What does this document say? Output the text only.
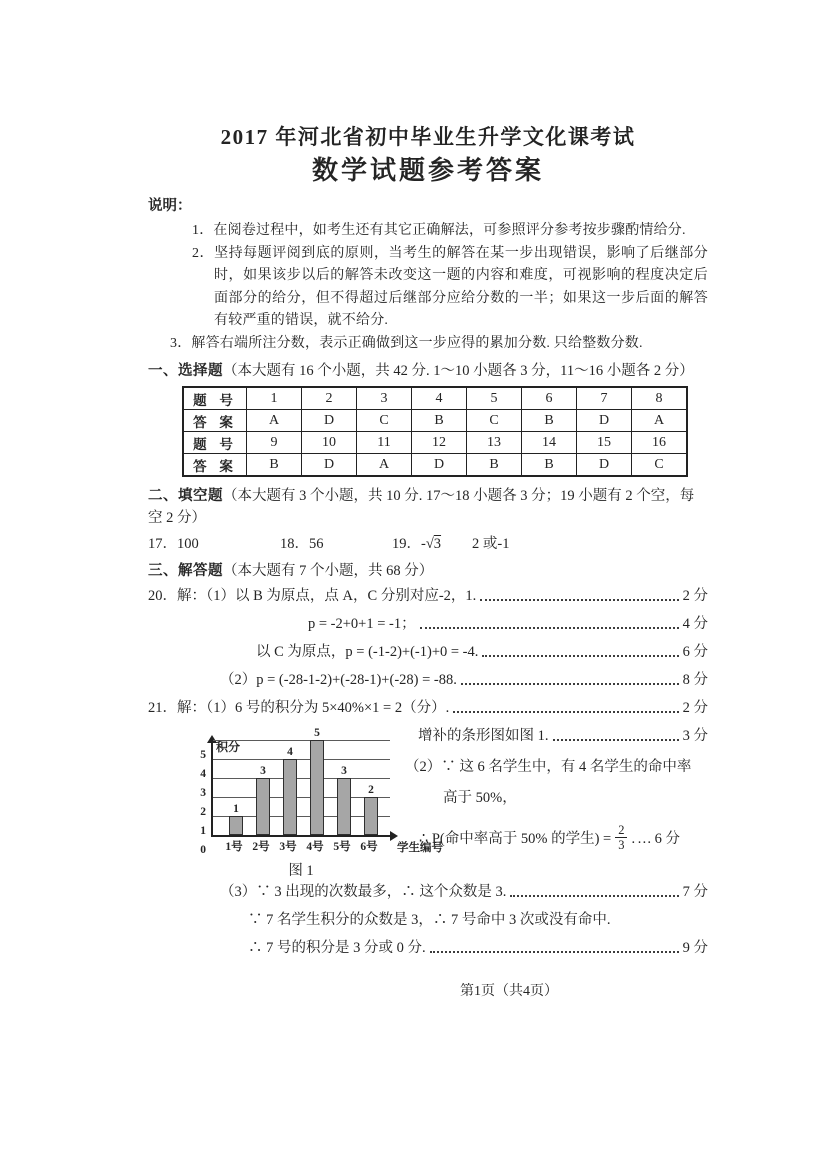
2017 年河北省初中毕业生升学文化课考试
数学试题参考答案
说明：
1．在阅卷过程中，如考生还有其它正确解法，可参照评分参考按步骤酌情给分.
2．坚持每题评阅到底的原则，当考生的解答在某一步出现错误，影响了后继部分时，如果该步以后的解答未改变这一题的内容和难度，可视影响的程度决定后面部分的给分，但不得超过后继部分应给分数的一半；如果这一步后面的解答有较严重的错误，就不给分.
3．解答右端所注分数，表示正确做到这一步应得的累加分数. 只给整数分数.
一、选择题（本大题有 16 个小题，共 42 分. 1～10 小题各 3 分，11～16 小题各 2 分）
题 号	1	2	3	4	5	6	7	8
答 案	A	D	C	B	C	B	D	A
题 号	9	10	11	12	13	14	15	16
答 案	B	D	A	D	B	B	D	C
二、填空题（本大题有 3 个小题，共 10 分. 17～18 小题各 3 分；19 小题有 2 个空，每空 2 分）
17．100	18．56	19．-√3	2 或-1
三、解答题（本大题有 7 个小题，共 68 分）
20．解：（1）以 B 为原点，点 A，C 分别对应-2，1.	2 分
p = -2+0+1 = -1；	4 分
以 C 为原点，p = (-1-2)+(-1)+0 = -4.	6 分
（2）p = (-28-1-2)+(-28-1)+(-28) = -88.	8 分
21．解：（1）6 号的积分为 5×40%×1 = 2（分）.	2 分
积分
0
1
2
3
4
5
1
3
4
5
3
2
1号 2号 3号 4号 5号 6号 学生编号
图 1
增补的条形图如图 1.	3 分
（2）∵ 这 6 名学生中，有 4 名学生的命中率
高于 50%，
∴ P(命中率高于 50% 的学生) = $\frac{2}{3}$ . … 6 分
（3）∵ 3 出现的次数最多，∴ 这个众数是 3.	7 分
∵ 7 名学生积分的众数是 3，∴ 7 号命中 3 次或没有命中.
∴ 7 号的积分是 3 分或 0 分.	9 分
第1页（共4页）
